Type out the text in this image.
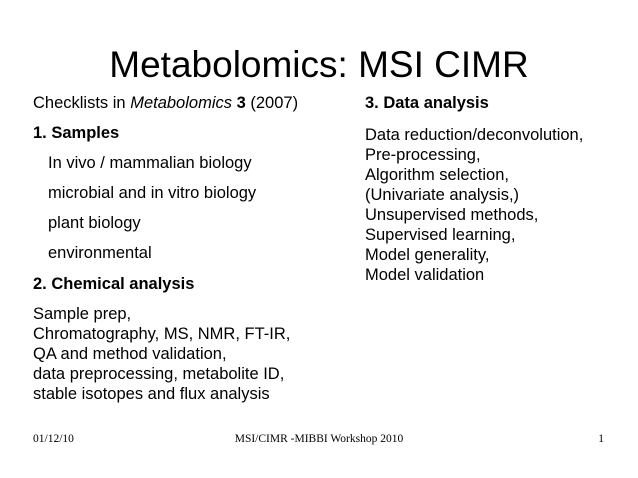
Metabolomics: MSI CIMR
Checklists in Metabolomics 3 (2007)
1. Samples
In vivo / mammalian biology
microbial and in vitro biology
plant biology
environmental
2. Chemical analysis
Sample prep,
Chromatography, MS, NMR, FT-IR,
QA and method validation,
data preprocessing, metabolite ID,
stable isotopes and flux analysis
3. Data analysis
Data reduction/deconvolution,
Pre-processing,
Algorithm selection,
(Univariate analysis,)
Unsupervised methods,
Supervised learning,
Model generality,
Model validation
01/12/10	MSI/CIMR -MIBBI Workshop 2010	1
